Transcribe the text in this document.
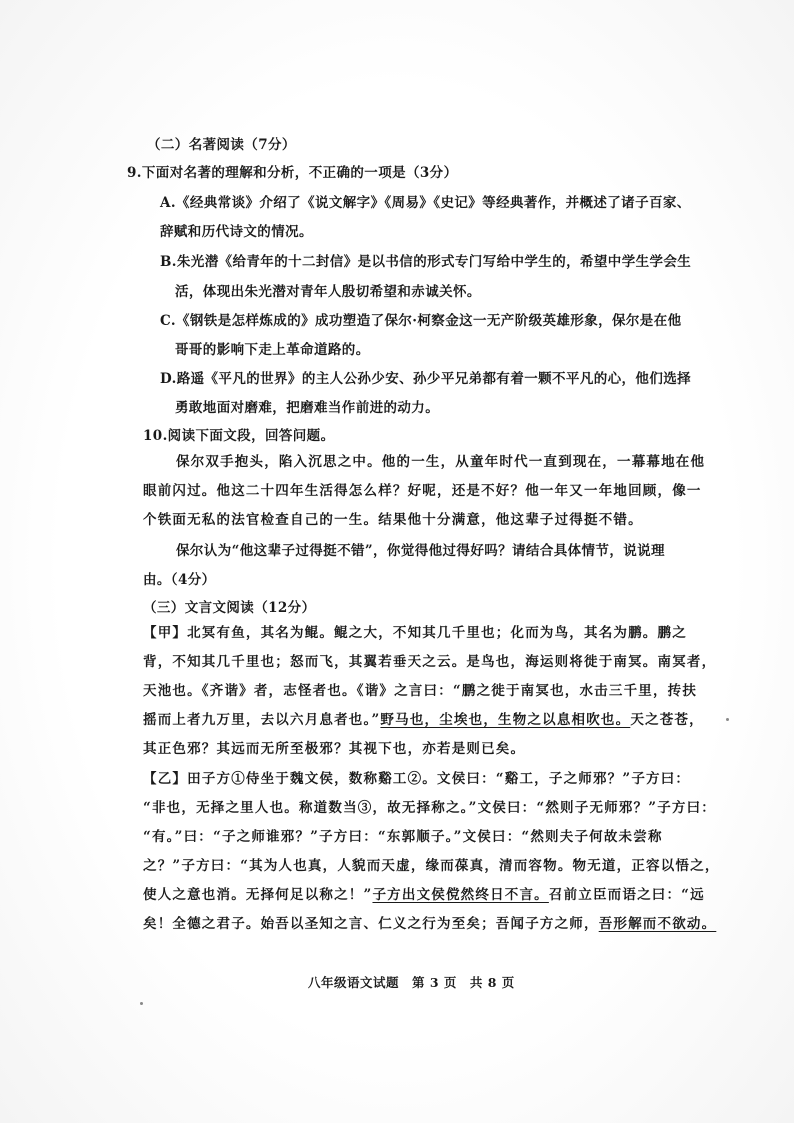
（二）名著阅读（7分）
9.下面对名著的理解和分析，不正确的一项是（3分）
A.《经典常谈》介绍了《说文解字》《周易》《史记》等经典著作，并概述了诸子百家、
辞赋和历代诗文的情况。
B.朱光潜《给青年的十二封信》是以书信的形式专门写给中学生的，希望中学生学会生
活，体现出朱光潜对青年人殷切希望和赤诚关怀。
C.《钢铁是怎样炼成的》成功塑造了保尔·柯察金这一无产阶级英雄形象，保尔是在他
哥哥的影响下走上革命道路的。
D.路遥《平凡的世界》的主人公孙少安、孙少平兄弟都有着一颗不平凡的心，他们选择
勇敢地面对磨难，把磨难当作前进的动力。
10.阅读下面文段，回答问题。
保尔双手抱头，陷入沉思之中。他的一生，从童年时代一直到现在，一幕幕地在他
眼前闪过。他这二十四年生活得怎么样？好呢，还是不好？他一年又一年地回顾，像一
个铁面无私的法官检查自己的一生。结果他十分满意，他这辈子过得挺不错。
保尔认为“他这辈子过得挺不错”，你觉得他过得好吗？请结合具体情节，说说理
由。（4分）
（三）文言文阅读（12分）
【甲】北冥有鱼，其名为鲲。鲲之大，不知其几千里也；化而为鸟，其名为鹏。鹏之
背，不知其几千里也；怒而飞，其翼若垂天之云。是鸟也，海运则将徙于南冥。南冥者，
天池也。《齐谐》者，志怪者也。《谐》之言曰：“鹏之徙于南冥也，水击三千里，抟扶
摇而上者九万里，去以六月息者也。”野马也，尘埃也，生物之以息相吹也。天之苍苍，
其正色邪？其远而无所至极邪？其视下也，亦若是则已矣。
【乙】田子方①侍坐于魏文侯，数称谿工②。文侯曰：“谿工，子之师邪？”子方曰：
“非也，无择之里人也。称道数当③，故无择称之。”文侯曰：“然则子无师邪？”子方曰：
“有。”曰：“子之师谁邪？”子方曰：“东郭顺子。”文侯曰：“然则夫子何故未尝称
之？”子方曰：“其为人也真，人貌而天虚，缘而葆真，清而容物。物无道，正容以悟之，
使人之意也消。无择何足以称之！”子方出文侯傥然终日不言。召前立臣而语之曰：“远
矣！全德之君子。始吾以圣知之言、仁义之行为至矣；吾闻子方之师，吾形解而不欲动。
八年级语文试题　第 3 页　共 8 页
